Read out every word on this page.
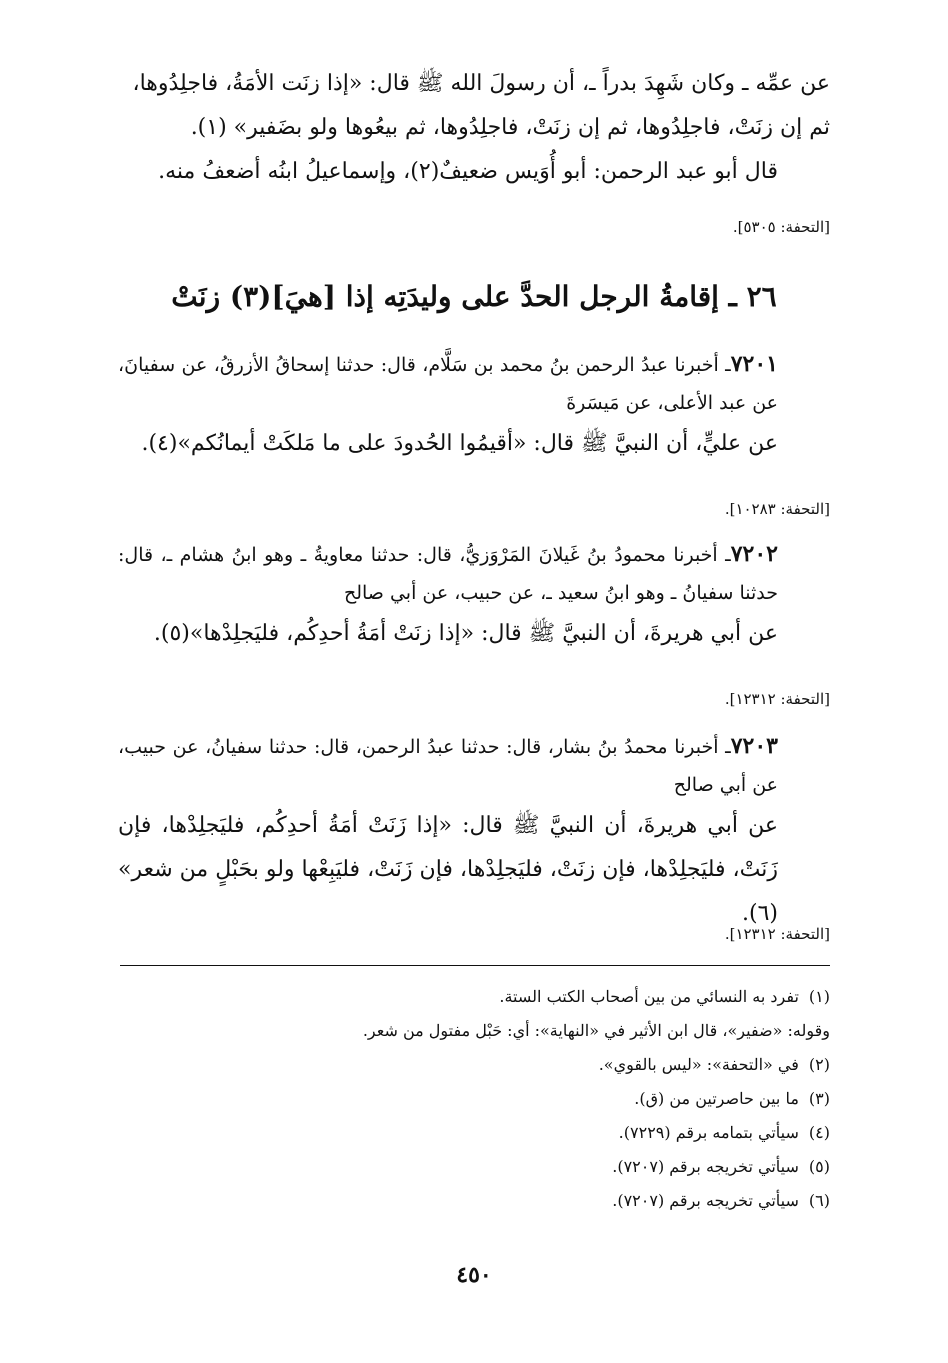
عن عمِّه ـ وكان شَهِدَ بدراً ـ، أن رسولَ الله ﷺ قال: «إذا زنَت الأمَةُ، فاجلِدُوها،
ثم إن زنَتْ، فاجلِدُوها، ثم إن زنَتْ، فاجلِدُوها، ثم بيعُوها ولو بضَفير» (١).
قال أبو عبد الرحمن: أبو أُوَيس ضعيفٌ(٢)، وإسماعيلُ ابنُه أضعفُ منه.
[التحفة: ٥٣٠٥].
٢٦ ـ إقامةُ الرجل الحدَّ على وليدَتِه إذا [هيَ](٣) زنَتْ
٧٢٠١ـ أخبرنا عبدُ الرحمن بنُ محمد بن سَلَّام، قال: حدثنا إسحاقُ الأزرقُ، عن سفيانَ، عن عبد الأعلى، عن مَيسَرةَ
عن عليٍّ، أن النبيَّ ﷺ قال: «أقيمُوا الحُدودَ على ما مَلكَتْ أيمانُكم»(٤).
[التحفة: ١٠٢٨٣].
٧٢٠٢ـ أخبرنا محمودُ بنُ غَيلانَ المَرْوَزيُّ، قال: حدثنا معاويةُ ـ وهو ابنُ هشام ـ، قال: حدثنا سفيانُ ـ وهو ابنُ سعيد ـ، عن حبيب، عن أبي صالح
عن أبي هريرةَ، أن النبيَّ ﷺ قال: «إذا زنَتْ أمَةُ أحدِكُم، فليَجلِدْها»(٥).
[التحفة: ١٢٣١٢].
٧٢٠٣ـ أخبرنا محمدُ بنُ بشار، قال: حدثنا عبدُ الرحمن، قال: حدثنا سفيانُ، عن حبيب، عن أبي صالح
عن أبي هريرةَ، أن النبيَّ ﷺ قال: «إذا زَنَتْ أمَةُ أحدِكُم، فليَجلِدْها، فإن زَنَتْ، فليَجلِدْها، فإن زنَتْ، فليَجلِدْها، فإن زَنَتْ، فليَبِعْها ولو بحَبْلٍ من شعر» (٦).
[التحفة: ١٢٣١٢].
(١)تفرد به النسائي من بين أصحاب الكتب الستة.
وقوله: «ضفير»، قال ابن الأثير في «النهاية»: أي: حَبْل مفتول من شعر.
(٢)في «التحفة»: «ليس بالقوي».
(٣)ما بين حاصرتين من (ق).
(٤)سيأتي بتمامه برقم (٧٢٢٩).
(٥)سيأتي تخريجه برقم (٧٢٠٧).
(٦)سيأتي تخريجه برقم (٧٢٠٧).
٤٥٠
